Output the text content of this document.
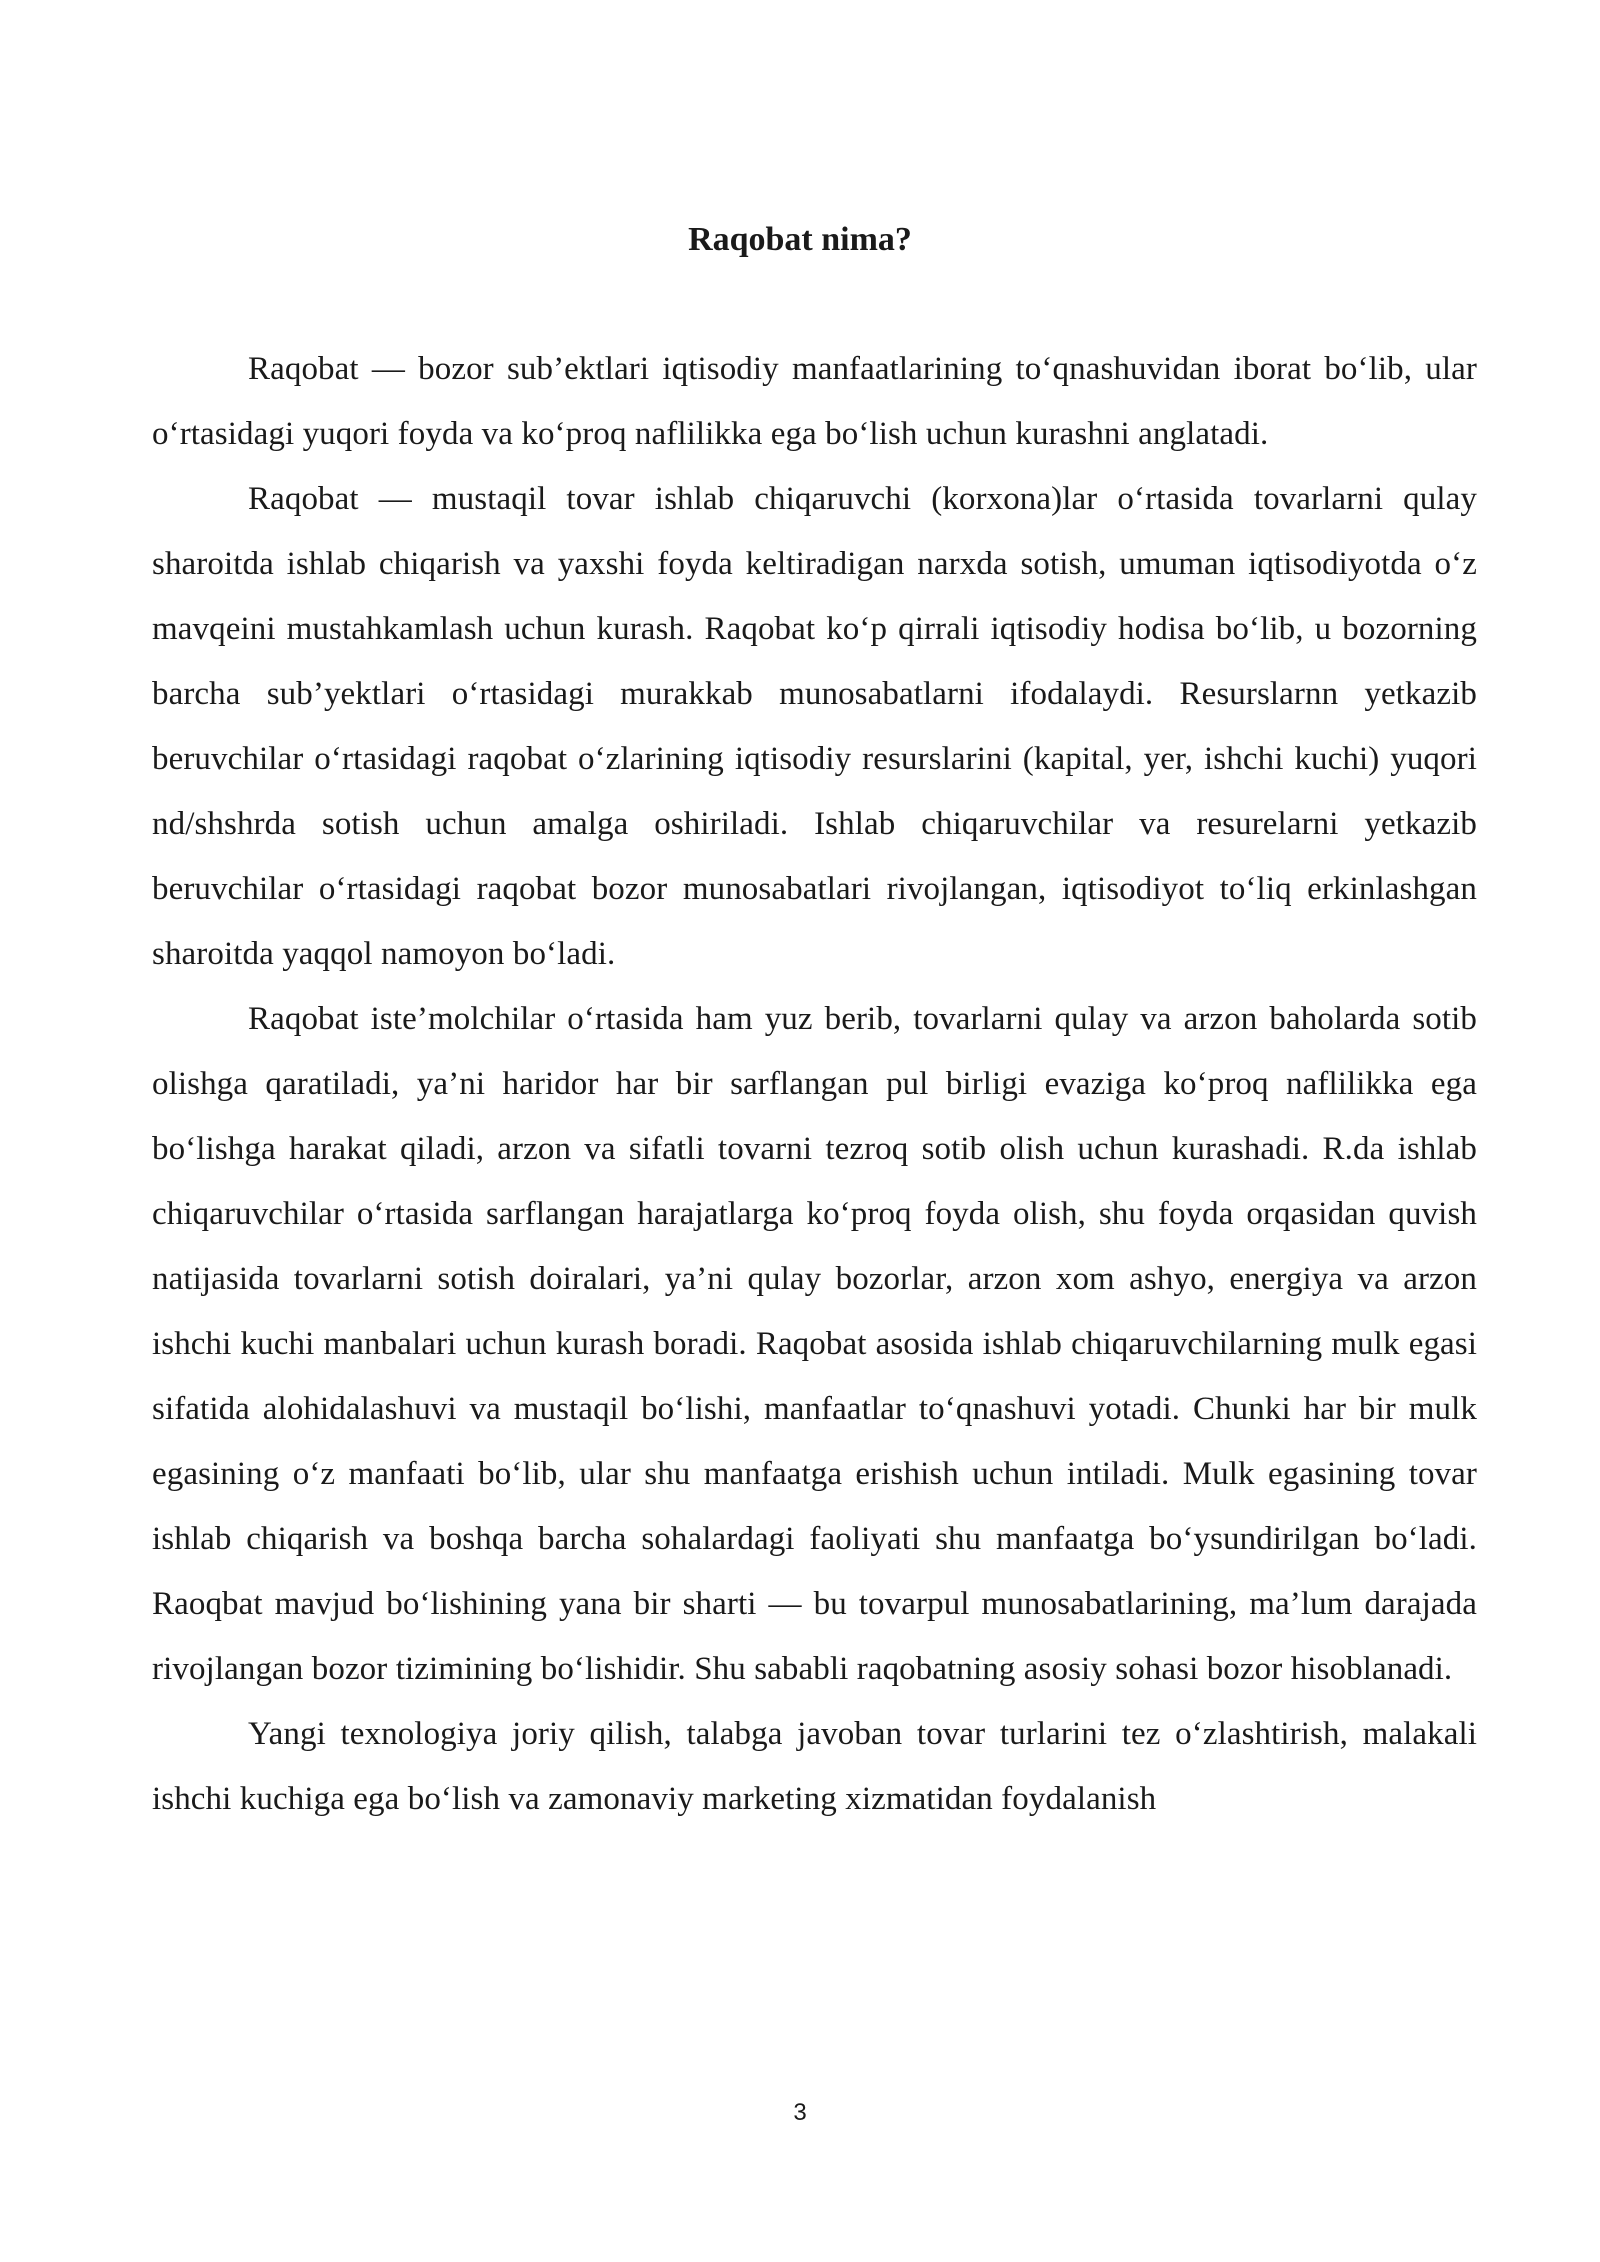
Raqobat nima?

Raqobat — bozor sub’ektlari iqtisodiy manfaatlarining to‘qnashuvidan iborat bo‘lib, ular o‘rtasidagi yuqori foyda va ko‘proq naflilikka ega bo‘lish uchun kurashni anglatadi.

Raqobat — mustaqil tovar ishlab chiqaruvchi (korxona)lar o‘rtasida tovarlarni qulay sharoitda ishlab chiqarish va yaxshi foyda keltiradigan narxda sotish, umuman iqtisodiyotda o‘z mavqeini mustahkamlash uchun kurash. Raqobat ko‘p qirrali iqtisodiy hodisa bo‘lib, u bozorning barcha sub’yektlari o‘rtasidagi murakkab munosabatlarni ifodalaydi. Resurslarnn yetkazib beruvchilar o‘rtasidagi raqobat o‘zlarining iqtisodiy resurslarini (kapital, yer, ishchi kuchi) yuqori nd/shshrda sotish uchun amalga oshiriladi. Ishlab chiqaruvchilar va resurelarni yetkazib beruvchilar o‘rtasidagi raqobat bozor munosabatlari rivojlangan, iqtisodiyot to‘liq erkinlashgan sharoitda yaqqol namoyon bo‘ladi.

Raqobat iste’molchilar o‘rtasida ham yuz berib, tovarlarni qulay va arzon baholarda sotib olishga qaratiladi, ya’ni haridor har bir sarflangan pul birligi evaziga ko‘proq naflilikka ega bo‘lishga harakat qiladi, arzon va sifatli tovarni tezroq sotib olish uchun kurashadi. R.da ishlab chiqaruvchilar o‘rtasida sarflangan harajatlarga ko‘proq foyda olish, shu foyda orqasidan quvish natijasida tovarlarni sotish doiralari, ya’ni qulay bozorlar, arzon xom ashyo, energiya va arzon ishchi kuchi manbalari uchun kurash boradi. Raqobat asosida ishlab chiqaruvchilarning mulk egasi sifatida alohidalashuvi va mustaqil bo‘lishi, manfaatlar to‘qnashuvi yotadi. Chunki har bir mulk egasining o‘z manfaati bo‘lib, ular shu manfaatga erishish uchun intiladi. Mulk egasining tovar ishlab chiqarish va boshqa barcha sohalardagi faoliyati shu manfaatga bo‘ysundirilgan bo‘ladi. Raoqbat mavjud bo‘lishining yana bir sharti — bu tovarpul munosabatlarining, ma’lum darajada rivojlangan bozor tizimining bo‘lishidir. Shu sababli raqobatning asosiy sohasi bozor hisoblanadi.

Yangi texnologiya joriy qilish, talabga javoban tovar turlarini tez o‘zlashtirish, malakali ishchi kuchiga ega bo‘lish va zamonaviy marketing xizmatidan foydalanish

3
